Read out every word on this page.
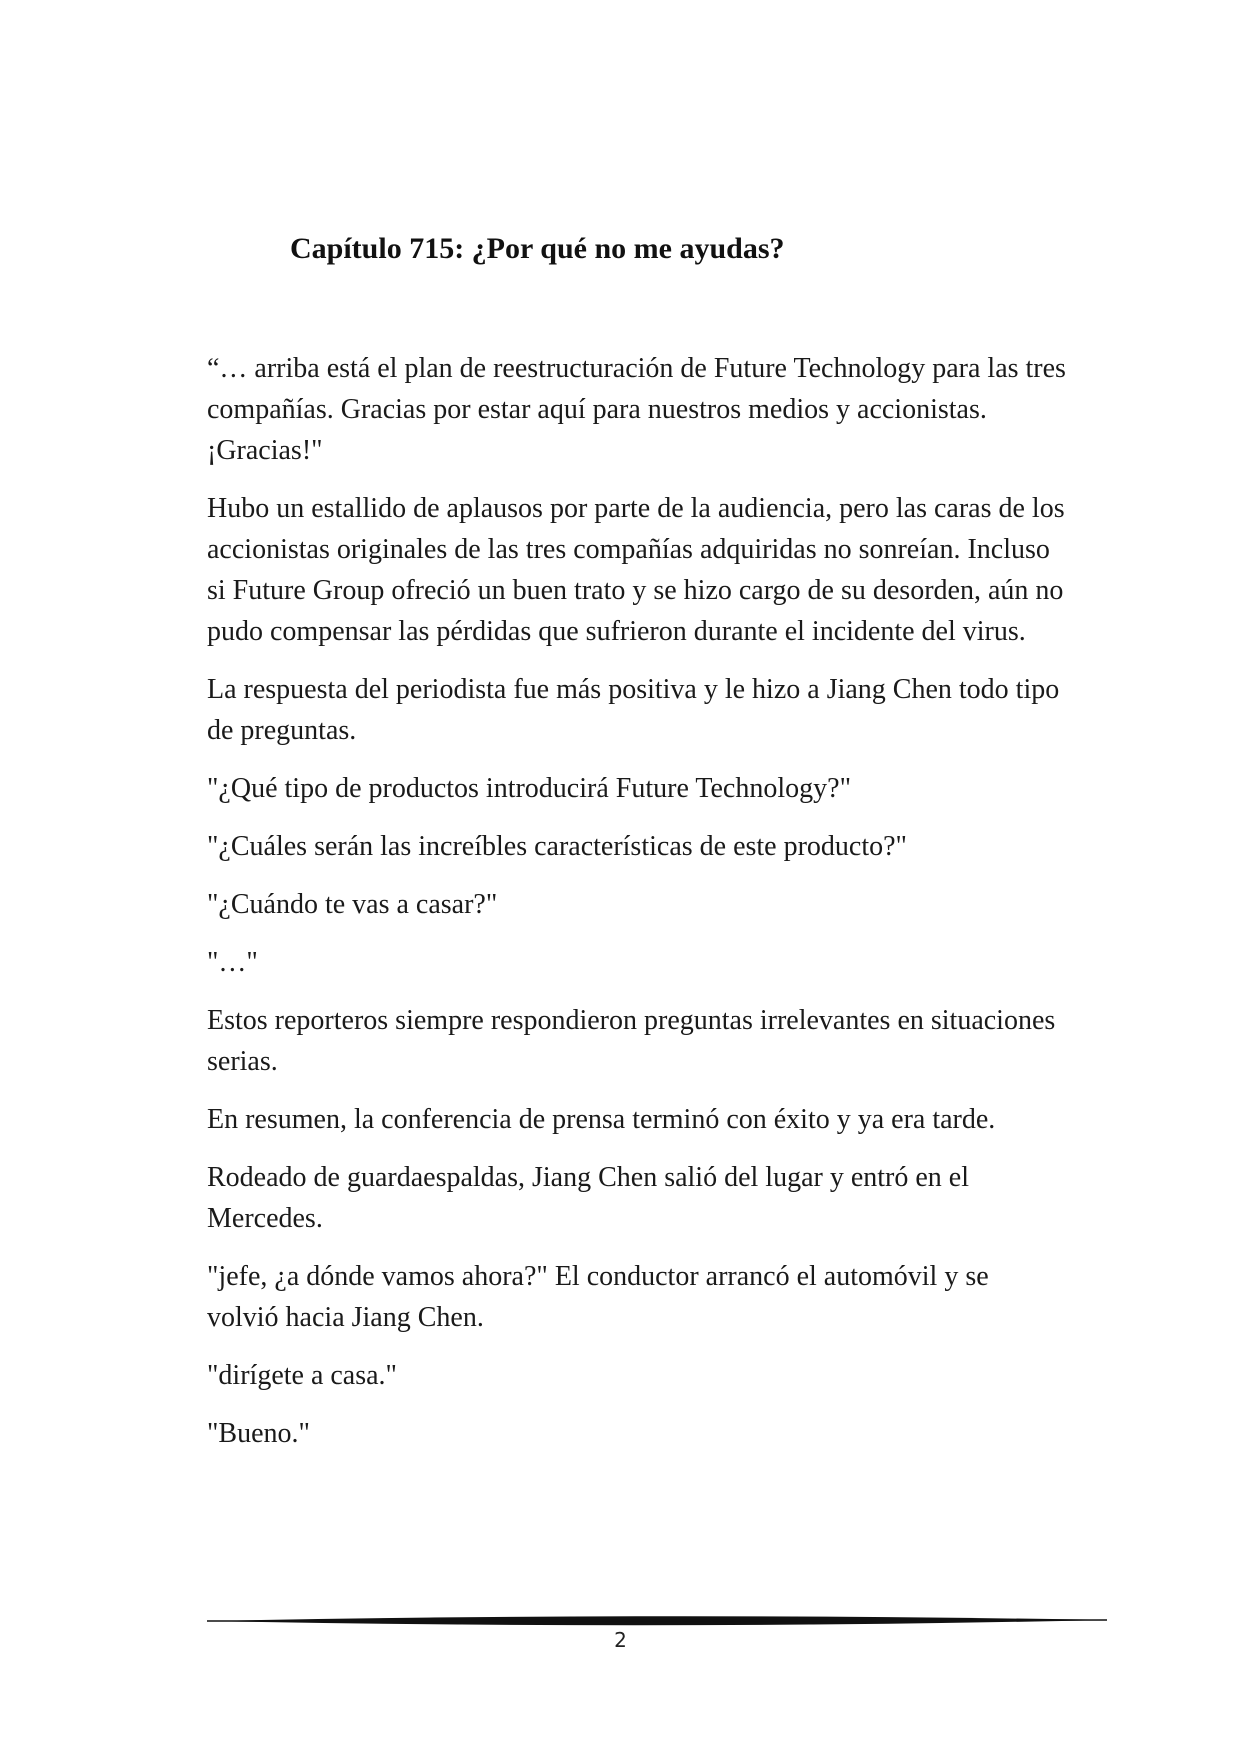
Capítulo 715: ¿Por qué no me ayudas?

“… arriba está el plan de reestructuración de Future Technology para las tres compañías. Gracias por estar aquí para nuestros medios y accionistas. ¡Gracias!"

Hubo un estallido de aplausos por parte de la audiencia, pero las caras de los accionistas originales de las tres compañías adquiridas no sonreían. Incluso si Future Group ofreció un buen trato y se hizo cargo de su desorden, aún no pudo compensar las pérdidas que sufrieron durante el incidente del virus.

La respuesta del periodista fue más positiva y le hizo a Jiang Chen todo tipo de preguntas.

"¿Qué tipo de productos introducirá Future Technology?"

"¿Cuáles serán las increíbles características de este producto?"

"¿Cuándo te vas a casar?"

"…"

Estos reporteros siempre respondieron preguntas irrelevantes en situaciones serias.

En resumen, la conferencia de prensa terminó con éxito y ya era tarde.

Rodeado de guardaespaldas, Jiang Chen salió del lugar y entró en el Mercedes.

"jefe, ¿a dónde vamos ahora?" El conductor arrancó el automóvil y se volvió hacia Jiang Chen.

"dirígete a casa."

"Bueno."

2
